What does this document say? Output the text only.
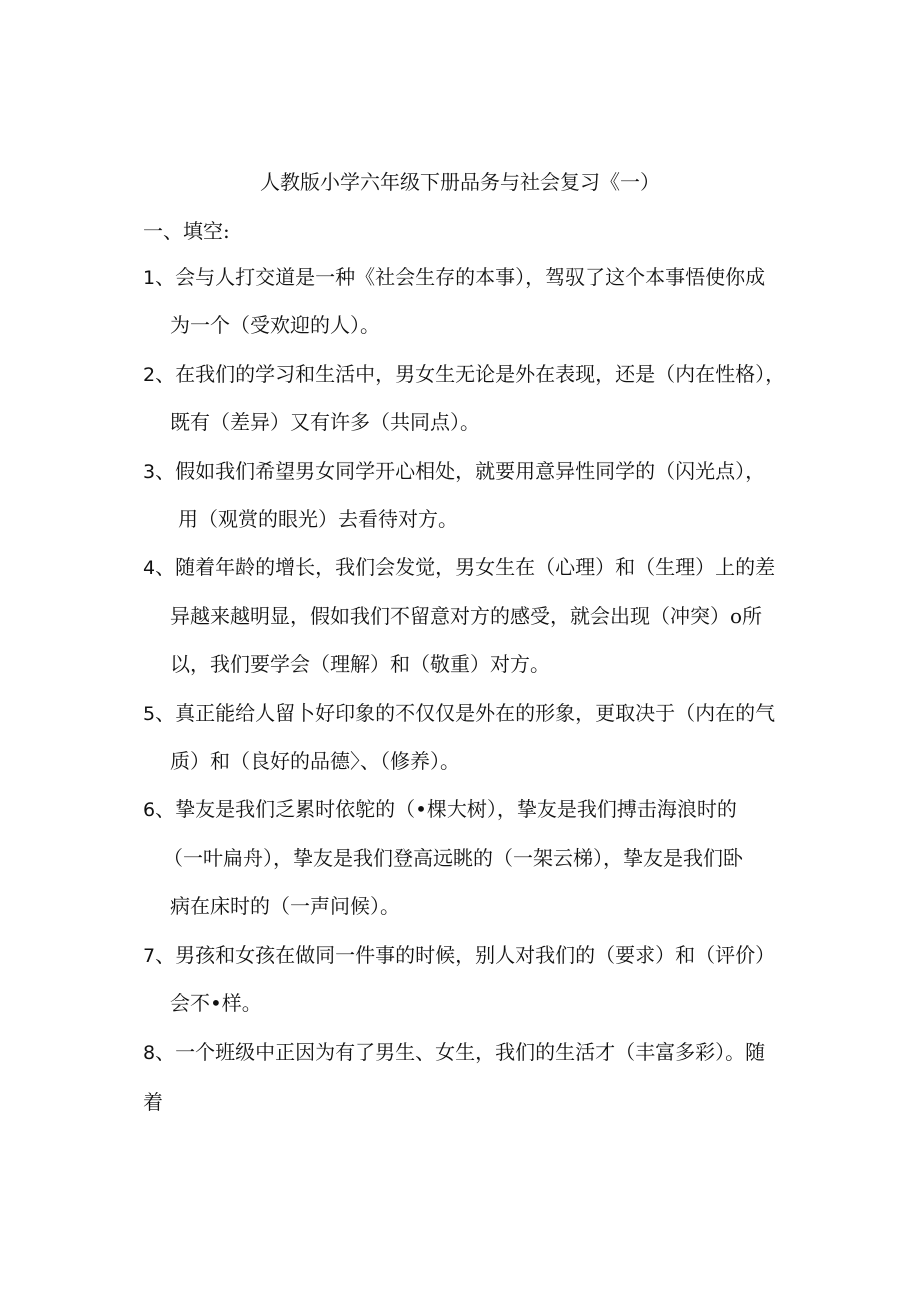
人教版小学六年级下册品务与社会复习《一）
一、填空:
1、会与人打交道是一种《社会生存的本事），驾驭了这个本事悟使你成
为一个（受欢迎的人）。
2、在我们的学习和生活中，男女生无论是外在表现，还是（内在性格），
既有（差异）又有许多（共同点）。
3、假如我们希望男女同学开心相处，就要用意异性同学的（闪光点），
用（观赏的眼光）去看待对方。
4、随着年龄的增长，我们会发觉，男女生在（心理）和（生理）上的差
异越来越明显，假如我们不留意对方的感受，就会出现（冲突）o所
以，我们要学会（理解）和（敬重）对方。
5、真正能给人留卜好印象的不仅仅是外在的形象，更取决于（内在的气
质）和（良好的品德〉、（修养）。
6、挚友是我们乏累时依鸵的（•棵大树），挚友是我们搏击海浪时的
（一叶扁舟），挚友是我们登高远眺的（一架云梯），挚友是我们卧
病在床时的（一声问候）。
7、男孩和女孩在做同一件事的时候，别人对我们的（要求）和（评价）
会不•样。
8、一个班级中正因为有了男生、女生，我们的生活才（丰富多彩）。随
着
